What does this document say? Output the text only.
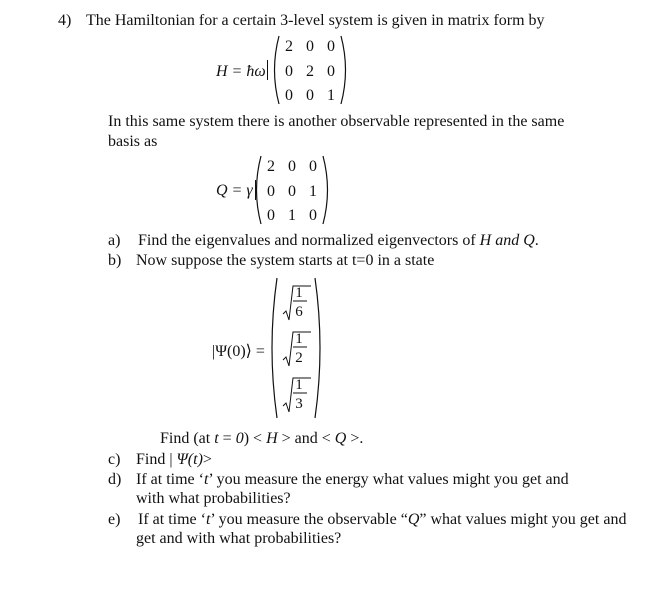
4) The Hamiltonian for a certain 3-level system is given in matrix form by
H = ħω
2 0 0
0 2 0
0 0 1
In this same system there is another observable represented in the same
basis as
Q = γ
2 0 0
0 0 1
0 1 0
a) Find the eigenvalues and normalized eigenvectors of H and Q.
b) Now suppose the system starts at t=0 in a state
|Ψ(0)⟩ =
1
6
1
2
1
3
Find (at t = 0) < H > and < Q >.
c) Find | Ψ(t)>
d) If at time ‘t’ you measure the energy what values might you get and
with what probabilities?
e) If at time ‘t’ you measure the observable “Q” what values might you get and
get and with what probabilities?
